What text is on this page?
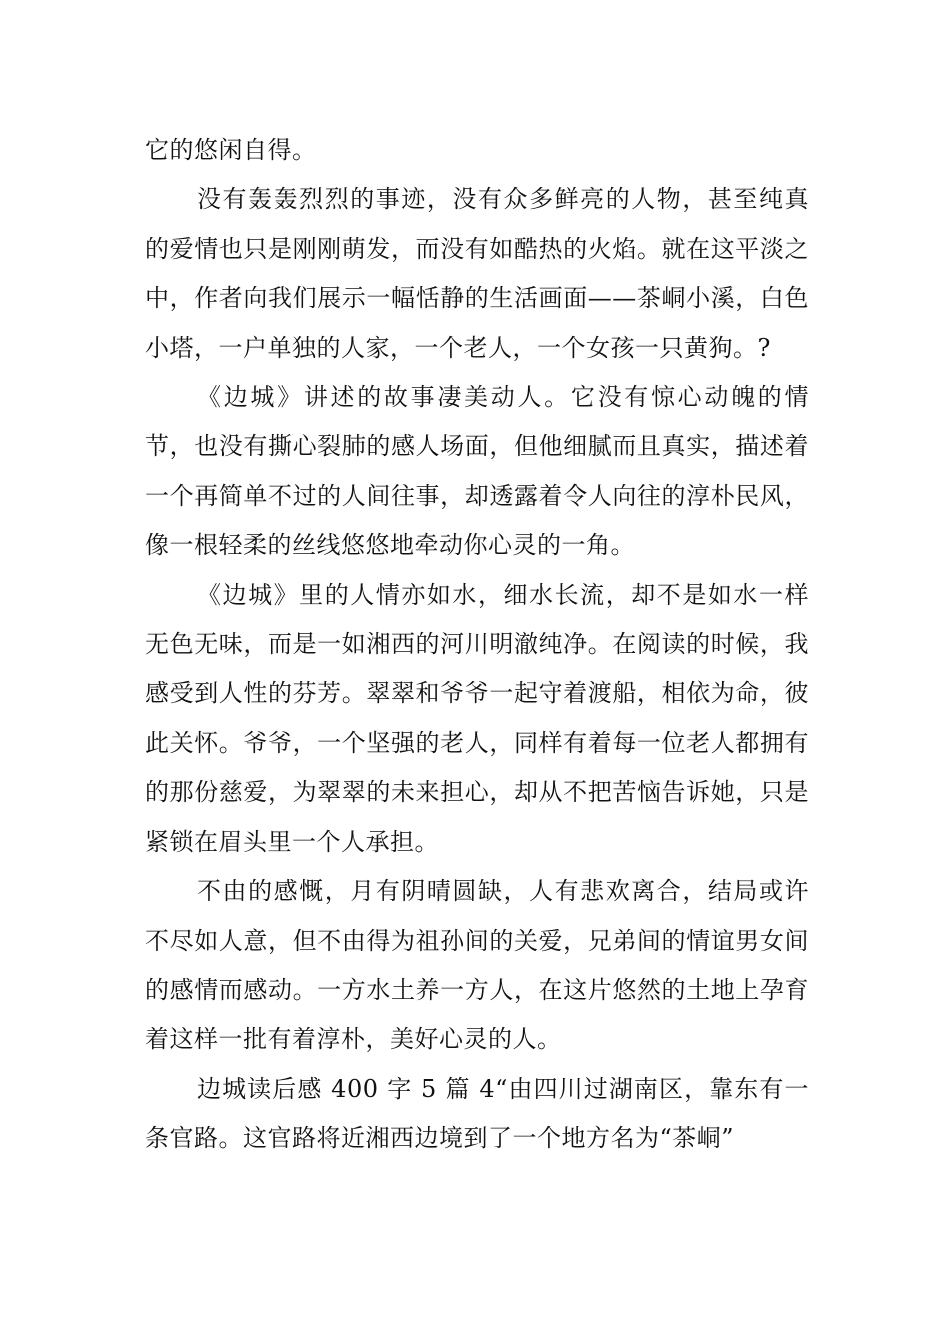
它的悠闲自得。

没有轰轰烈烈的事迹，没有众多鲜亮的人物，甚至纯真的爱情也只是刚刚萌发，而没有如酷热的火焰。就在这平淡之中，作者向我们展示一幅恬静的生活画面——茶峒小溪，白色小塔，一户单独的人家，一个老人，一个女孩一只黄狗。?

《边城》讲述的故事凄美动人。它没有惊心动魄的情节，也没有撕心裂肺的感人场面，但他细腻而且真实，描述着一个再简单不过的人间往事，却透露着令人向往的淳朴民风，像一根轻柔的丝线悠悠地牵动你心灵的一角。

《边城》里的人情亦如水，细水长流，却不是如水一样无色无味，而是一如湘西的河川明澈纯净。在阅读的时候，我感受到人性的芬芳。翠翠和爷爷一起守着渡船，相依为命，彼此关怀。爷爷，一个坚强的老人，同样有着每一位老人都拥有的那份慈爱，为翠翠的未来担心，却从不把苦恼告诉她，只是紧锁在眉头里一个人承担。

不由的感慨，月有阴晴圆缺，人有悲欢离合，结局或许不尽如人意，但不由得为祖孙间的关爱，兄弟间的情谊男女间的感情而感动。一方水土养一方人，在这片悠然的土地上孕育着这样一批有着淳朴，美好心灵的人。

边城读后感 400 字 5 篇 4“由四川过湖南区，靠东有一条官路。这官路将近湘西边境到了一个地方名为“茶峒”
